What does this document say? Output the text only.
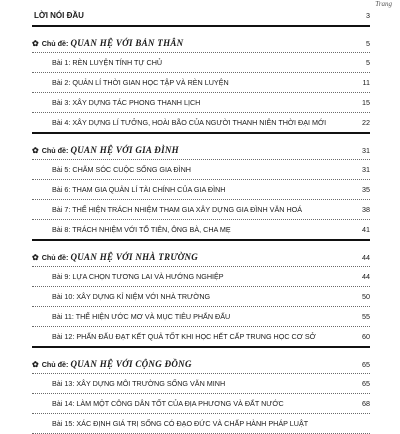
Trang
LỜI NÓI ĐẦU	3
✿ Chủ đề: QUAN HỆ VỚI BẢN THÂN	5
Bài 1: RÈN LUYỆN TÍNH TỰ CHỦ	5
Bài 2: QUẢN LÍ THỜI GIAN HỌC TẬP VÀ RÈN LUYỆN	11
Bài 3: XÂY DỰNG TÁC PHONG THANH LỊCH	15
Bài 4: XÂY DỰNG LÍ TƯỞNG, HOÀI BÃO CỦA NGƯỜI THANH NIÊN THỜI ĐẠI MỚI	22
✿ Chủ đề: QUAN HỆ VỚI GIA ĐÌNH	31
Bài 5: CHĂM SÓC CUỘC SỐNG GIA ĐÌNH	31
Bài 6: THAM GIA QUẢN LÍ TÀI CHÍNH CỦA GIA ĐÌNH	35
Bài 7: THỂ HIỆN TRÁCH NHIỆM THAM GIA XÂY DỰNG GIA ĐÌNH VĂN HOÁ	38
Bài 8: TRÁCH NHIỆM VỚI TỔ TIÊN, ÔNG BÀ, CHA MẸ	41
✿ Chủ đề: QUAN HỆ VỚI NHÀ TRƯỜNG	44
Bài 9: LỰA CHỌN TƯƠNG LAI VÀ HƯỚNG NGHIỆP	44
Bài 10: XÂY DỰNG KỈ NIỆM VỚI NHÀ TRƯỜNG	50
Bài 11: THỂ HIỆN ƯỚC MƠ VÀ MỤC TIÊU PHẤN ĐẤU	55
Bài 12: PHẤN ĐẤU ĐẠT KẾT QUẢ TỐT KHI HỌC HẾT CẤP TRUNG HỌC CƠ SỞ	60
✿ Chủ đề: QUAN HỆ VỚI CỘNG ĐỒNG	65
Bài 13: XÂY DỰNG MÔI TRƯỜNG SỐNG VĂN MINH	65
Bài 14: LÀM MỘT CÔNG DÂN TỐT CỦA ĐỊA PHƯƠNG VÀ ĐẤT NƯỚC	68
Bài 15: XÁC ĐỊNH GIÁ TRỊ SỐNG CÓ ĐẠO ĐỨC VÀ CHẤP HÀNH PHÁP LUẬT
